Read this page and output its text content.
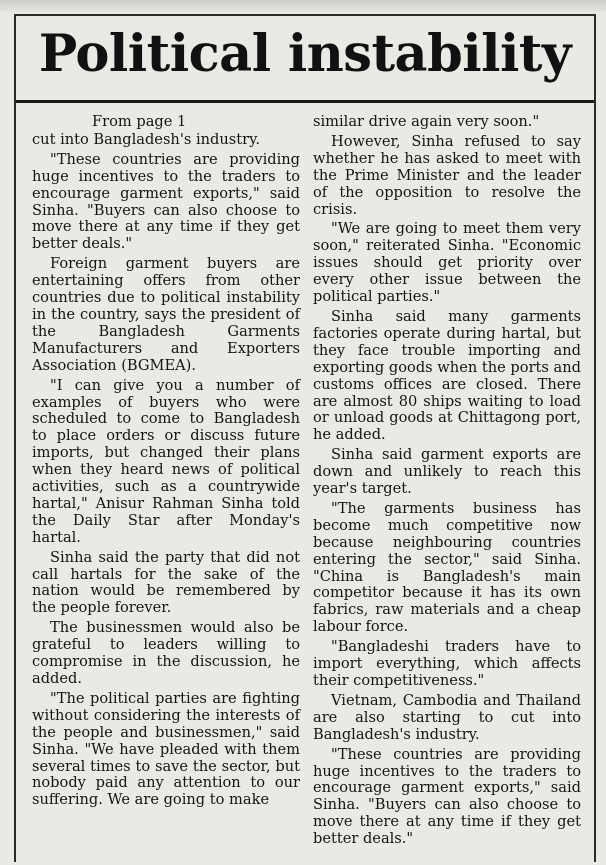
Political instability
From page 1

cut into Bangladesh's industry.

"These countries are providing huge incentives to the traders to encourage garment exports," said Sinha. "Buyers can also choose to move there at any time if they get better deals."

Foreign garment buyers are entertaining offers from other countries due to political instability in the country, says the president of the Bangladesh Garments Manufacturers and Exporters Association (BGMEA).

"I can give you a number of examples of buyers who were scheduled to come to Bangladesh to place orders or discuss future imports, but changed their plans when they heard news of political activities, such as a countrywide hartal," Anisur Rahman Sinha told the Daily Star after Monday's hartal.

Sinha said the party that did not call hartals for the sake of the nation would be remembered by the people forever.

The businessmen would also be grateful to leaders willing to compromise in the discussion, he added.

"The political parties are fighting without considering the interests of the people and businessmen," said Sinha. "We have pleaded with them several times to save the sector, but nobody paid any attention to our suffering. We are going to make

similar drive again very soon."

However, Sinha refused to say whether he has asked to meet with the Prime Minister and the leader of the opposition to resolve the crisis.

"We are going to meet them very soon," reiterated Sinha. "Economic issues should get priority over every other issue between the political parties."

Sinha said many garments factories operate during hartal, but they face trouble importing and exporting goods when the ports and customs offices are closed. There are almost 80 ships waiting to load or unload goods at Chittagong port, he added.

Sinha said garment exports are down and unlikely to reach this year's target.

"The garments business has become much competitive now because neighbouring countries entering the sector," said Sinha. "China is Bangladesh's main competitor because it has its own fabrics, raw materials and a cheap labour force.

"Bangladeshi traders have to import everything, which affects their competitiveness."

Vietnam, Cambodia and Thailand are also starting to cut into Bangladesh's industry.

"These countries are providing huge incentives to the traders to encourage garment exports," said Sinha. "Buyers can also choose to move there at any time if they get better deals."
